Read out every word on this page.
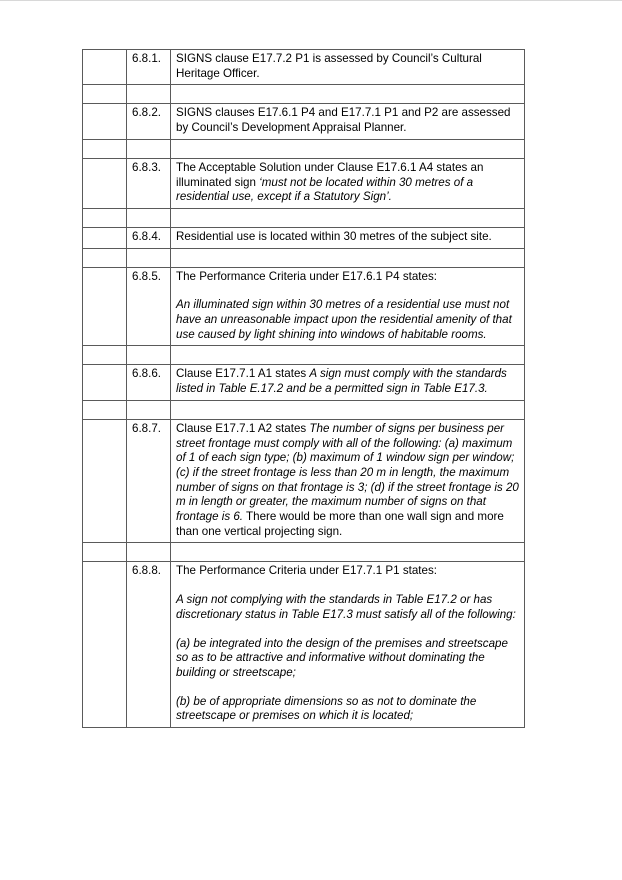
	6.8.1.	SIGNS clause E17.7.2 P1 is assessed by Council’s Cultural Heritage Officer.

	6.8.2.	SIGNS clauses E17.6.1 P4 and E17.7.1 P1 and P2 are assessed by Council’s Development Appraisal Planner.

	6.8.3.	The Acceptable Solution under Clause E17.6.1 A4 states an illuminated sign ‘must not be located within 30 metres of a residential use, except if a Statutory Sign’.

	6.8.4.	Residential use is located within 30 metres of the subject site.

	6.8.5.	The Performance Criteria under E17.6.1 P4 states:

An illuminated sign within 30 metres of a residential use must not have an unreasonable impact upon the residential amenity of that use caused by light shining into windows of habitable rooms.

	6.8.6.	Clause E17.7.1 A1 states A sign must comply with the standards listed in Table E.17.2 and be a permitted sign in Table E17.3.

	6.8.7.	Clause E17.7.1 A2 states The number of signs per business per street frontage must comply with all of the following: (a) maximum of 1 of each sign type; (b) maximum of 1 window sign per window; (c) if the street frontage is less than 20 m in length, the maximum number of signs on that frontage is 3; (d) if the street frontage is 20 m in length or greater, the maximum number of signs on that frontage is 6. There would be more than one wall sign and more than one vertical projecting sign.

	6.8.8.	The Performance Criteria under E17.7.1 P1 states:

A sign not complying with the standards in Table E17.2 or has discretionary status in Table E17.3 must satisfy all of the following:

(a) be integrated into the design of the premises and streetscape so as to be attractive and informative without dominating the building or streetscape;

(b) be of appropriate dimensions so as not to dominate the streetscape or premises on which it is located;
